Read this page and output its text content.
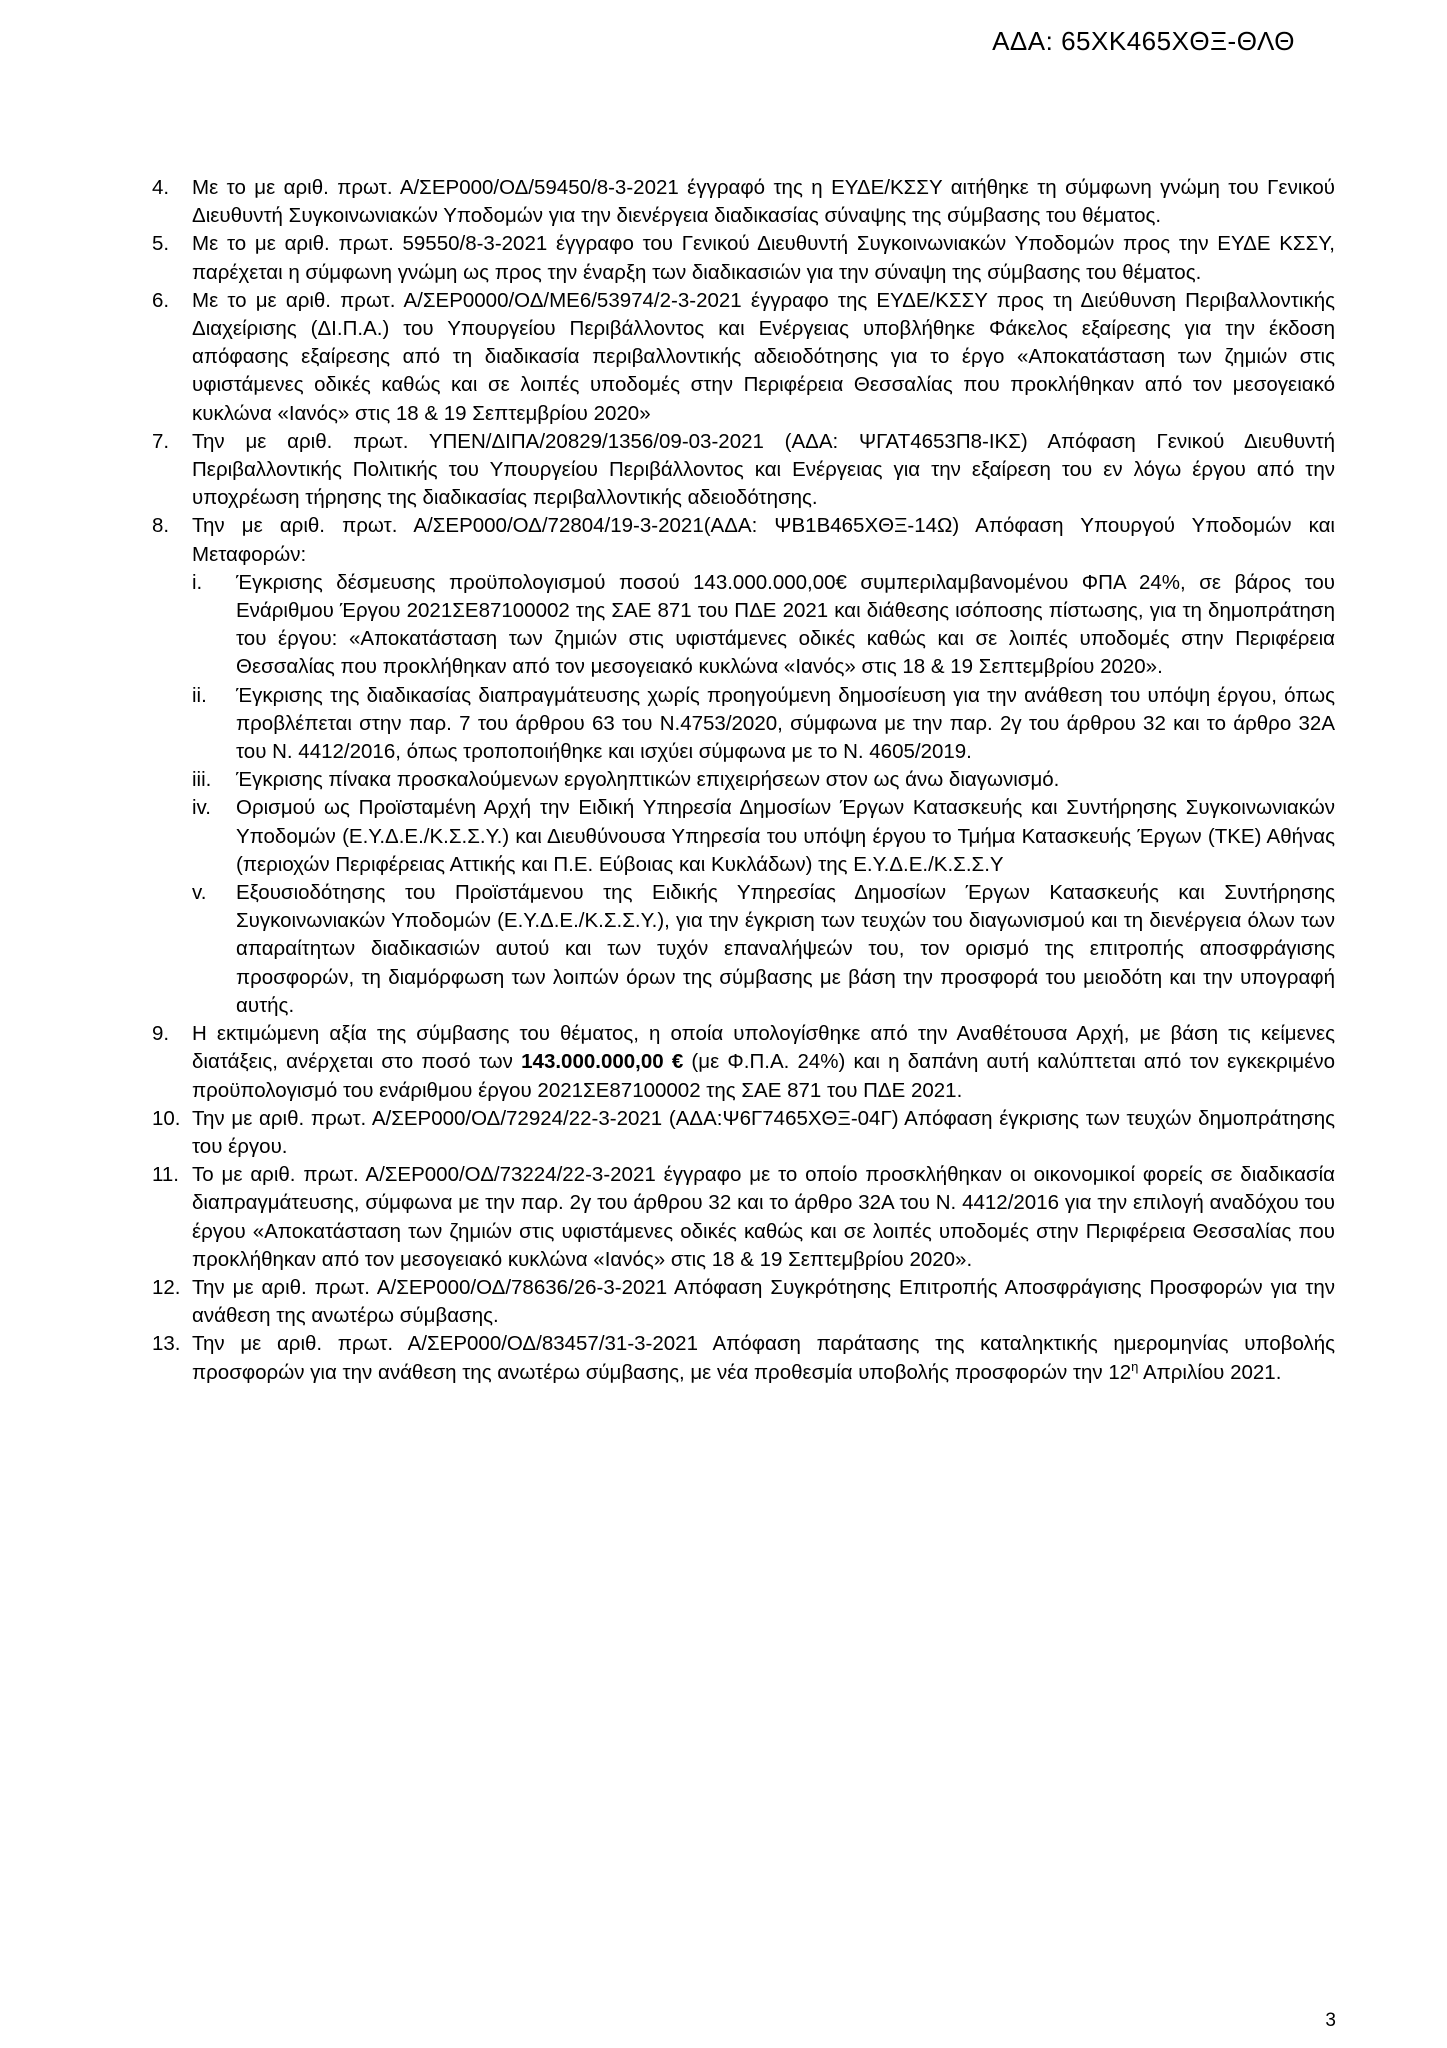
ΑΔΑ: 65ΧΚ465ΧΘΞ-ΘΛΘ
4.	Με το με αριθ. πρωτ. Α/ΣΕΡ000/ΟΔ/59450/8-3-2021 έγγραφό της η ΕΥΔΕ/ΚΣΣΥ αιτήθηκε τη σύμφωνη γνώμη του Γενικού Διευθυντή Συγκοινωνιακών Υποδομών για την διενέργεια διαδικασίας σύναψης της σύμβασης του θέματος.
5.	Με το με αριθ. πρωτ. 59550/8-3-2021 έγγραφο του Γενικού Διευθυντή Συγκοινωνιακών Υποδομών προς την ΕΥΔΕ ΚΣΣΥ, παρέχεται η σύμφωνη γνώμη ως προς την έναρξη των διαδικασιών για την σύναψη της σύμβασης του θέματος.
6.	Με το με αριθ. πρωτ. Α/ΣΕΡ0000/ΟΔ/ΜΕ6/53974/2-3-2021 έγγραφο της ΕΥΔΕ/ΚΣΣΥ προς τη Διεύθυνση Περιβαλλοντικής Διαχείρισης (ΔΙ.Π.Α.) του Υπουργείου Περιβάλλοντος και Ενέργειας υποβλήθηκε Φάκελος εξαίρεσης για την έκδοση απόφασης εξαίρεσης από τη διαδικασία περιβαλλοντικής αδειοδότησης για το έργο «Αποκατάσταση των ζημιών στις υφιστάμενες οδικές καθώς και σε λοιπές υποδομές στην Περιφέρεια Θεσσαλίας που προκλήθηκαν από τον μεσογειακό κυκλώνα «Ιανός» στις 18 & 19 Σεπτεμβρίου 2020»
7.	Την με αριθ. πρωτ. ΥΠΕΝ/ΔΙΠΑ/20829/1356/09-03-2021 (ΑΔΑ: ΨΓΑΤ4653Π8-ΙΚΣ) Απόφαση Γενικού Διευθυντή Περιβαλλοντικής Πολιτικής του Υπουργείου Περιβάλλοντος και Ενέργειας για την εξαίρεση του εν λόγω έργου από την υποχρέωση τήρησης της διαδικασίας περιβαλλοντικής αδειοδότησης.
8.	Την με αριθ. πρωτ. Α/ΣΕΡ000/ΟΔ/72804/19-3-2021(ΑΔΑ: ΨΒ1Β465ΧΘΞ-14Ω) Απόφαση Υπουργού Υποδομών και Μεταφορών:
i.	Έγκρισης δέσμευσης προϋπολογισμού ποσού 143.000.000,00€ συμπεριλαμβανομένου ΦΠΑ 24%, σε βάρος του Ενάριθμου Έργου 2021ΣΕ87100002 της ΣΑΕ 871 του ΠΔΕ 2021 και διάθεσης ισόποσης πίστωσης, για τη δημοπράτηση του έργου: «Αποκατάσταση των ζημιών στις υφιστάμενες οδικές καθώς και σε λοιπές υποδομές στην Περιφέρεια Θεσσαλίας που προκλήθηκαν από τον μεσογειακό κυκλώνα «Ιανός» στις 18 & 19 Σεπτεμβρίου 2020».
ii.	Έγκρισης της διαδικασίας διαπραγμάτευσης χωρίς προηγούμενη δημοσίευση για την ανάθεση του υπόψη έργου, όπως προβλέπεται στην παρ. 7 του άρθρου 63 του Ν.4753/2020, σύμφωνα με την παρ. 2γ του άρθρου 32 και το άρθρο 32Α του Ν. 4412/2016, όπως τροποποιήθηκε και ισχύει σύμφωνα με το Ν. 4605/2019.
iii.	Έγκρισης πίνακα προσκαλούμενων εργοληπτικών επιχειρήσεων στον ως άνω διαγωνισμό.
iv.	Ορισμού ως Προϊσταμένη Αρχή την Ειδική Υπηρεσία Δημοσίων Έργων Κατασκευής και Συντήρησης Συγκοινωνιακών Υποδομών (Ε.Υ.Δ.Ε./Κ.Σ.Σ.Υ.) και Διευθύνουσα Υπηρεσία του υπόψη έργου το Τμήμα Κατασκευής Έργων (ΤΚΕ) Αθήνας (περιοχών Περιφέρειας Αττικής και Π.Ε. Εύβοιας και Κυκλάδων) της Ε.Υ.Δ.Ε./Κ.Σ.Σ.Υ
v.	Εξουσιοδότησης του Προϊστάμενου της Ειδικής Υπηρεσίας Δημοσίων Έργων Κατασκευής και Συντήρησης Συγκοινωνιακών Υποδομών (Ε.Υ.Δ.Ε./Κ.Σ.Σ.Υ.), για την έγκριση των τευχών του διαγωνισμού και τη διενέργεια όλων των απαραίτητων διαδικασιών αυτού και των τυχόν επαναλήψεών του, τον ορισμό της επιτροπής αποσφράγισης προσφορών, τη διαμόρφωση των λοιπών όρων της σύμβασης με βάση την προσφορά του μειοδότη και την υπογραφή αυτής.
9.	Η εκτιμώμενη αξία της σύμβασης του θέματος, η οποία υπολογίσθηκε από την Αναθέτουσα Αρχή, με βάση τις κείμενες διατάξεις, ανέρχεται στο ποσό των 143.000.000,00 € (με Φ.Π.Α. 24%) και η δαπάνη αυτή καλύπτεται από τον εγκεκριμένο προϋπολογισμό του ενάριθμου έργου 2021ΣΕ87100002 της ΣΑΕ 871 του ΠΔΕ 2021.
10. Την με αριθ. πρωτ. Α/ΣΕΡ000/ΟΔ/72924/22-3-2021 (ΑΔΑ:Ψ6Γ7465ΧΘΞ-04Γ) Απόφαση έγκρισης των τευχών δημοπράτησης του έργου.
11. Το με αριθ. πρωτ. Α/ΣΕΡ000/ΟΔ/73224/22-3-2021 έγγραφο με το οποίο προσκλήθηκαν οι οικονομικοί φορείς σε διαδικασία διαπραγμάτευσης, σύμφωνα με την παρ. 2γ του άρθρου 32 και το άρθρο 32Α του Ν. 4412/2016 για την επιλογή αναδόχου του έργου «Αποκατάσταση των ζημιών στις υφιστάμενες οδικές καθώς και σε λοιπές υποδομές στην Περιφέρεια Θεσσαλίας που προκλήθηκαν από τον μεσογειακό κυκλώνα «Ιανός» στις 18 & 19 Σεπτεμβρίου 2020».
12. Την με αριθ. πρωτ. Α/ΣΕΡ000/ΟΔ/78636/26-3-2021 Απόφαση Συγκρότησης Επιτροπής Αποσφράγισης Προσφορών για την ανάθεση της ανωτέρω σύμβασης.
13. Την με αριθ. πρωτ. Α/ΣΕΡ000/ΟΔ/83457/31-3-2021 Απόφαση παράτασης της καταληκτικής ημερομηνίας υποβολής προσφορών για την ανάθεση της ανωτέρω σύμβασης, με νέα προθεσμία υποβολής προσφορών την $12^\eta$ Απριλίου 2021.
3
